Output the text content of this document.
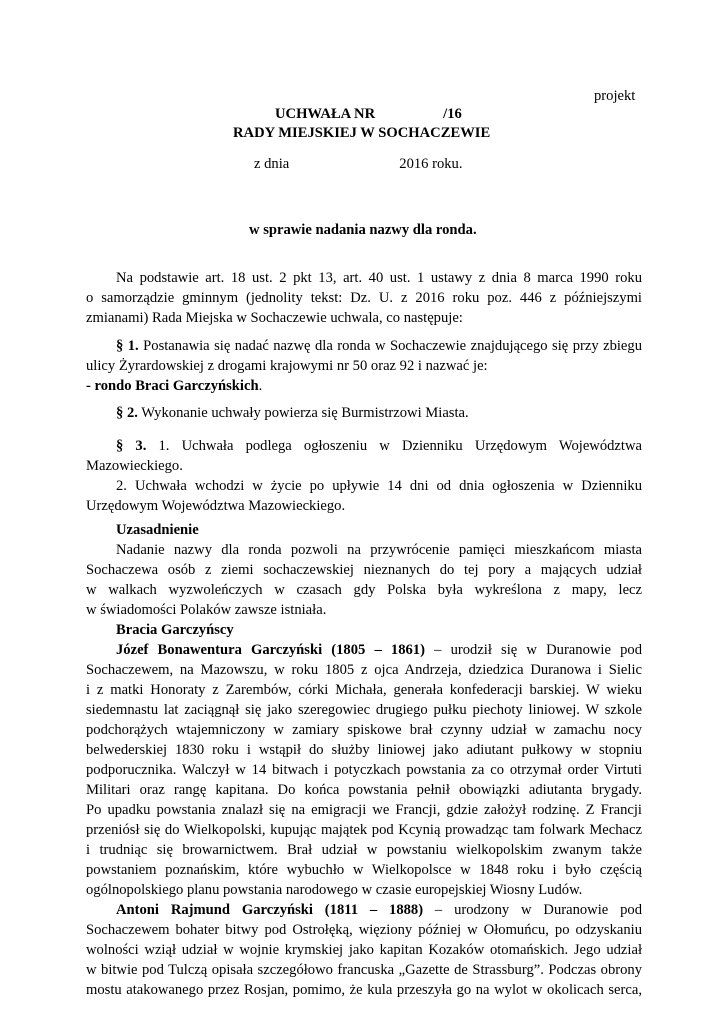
projekt
UCHWAŁA NR	/16
RADY MIEJSKIEJ W SOCHACZEWIE
z dnia	2016 roku.
w sprawie nadania nazwy dla ronda.
Na podstawie art. 18 ust. 2 pkt 13, art. 40 ust. 1 ustawy z dnia 8 marca 1990 roku
o samorządzie gminnym (jednolity tekst: Dz. U. z 2016 roku poz. 446 z późniejszymi
zmianami) Rada Miejska w Sochaczewie uchwala, co następuje:
§ 1. Postanawia się nadać nazwę dla ronda w Sochaczewie znajdującego się przy zbiegu
ulicy Żyrardowskiej z drogami krajowymi nr 50 oraz 92 i nazwać je:
- rondo Braci Garczyńskich.
§ 2. Wykonanie uchwały powierza się Burmistrzowi Miasta.
§ 3. 1. Uchwała podlega ogłoszeniu w Dzienniku Urzędowym Województwa
Mazowieckiego.
2. Uchwała wchodzi w życie po upływie 14 dni od dnia ogłoszenia w Dzienniku
Urzędowym Województwa Mazowieckiego.
Uzasadnienie
Nadanie nazwy dla ronda pozwoli na przywrócenie pamięci mieszkańcom miasta
Sochaczewa osób z ziemi sochaczewskiej nieznanych do tej pory a mających udział
w walkach wyzwoleńczych w czasach gdy Polska była wykreślona z mapy, lecz
w świadomości Polaków zawsze istniała.
Bracia Garczyńscy
Józef Bonawentura Garczyński (1805 – 1861) – urodził się w Duranowie pod
Sochaczewem, na Mazowszu, w roku 1805 z ojca Andrzeja, dziedzica Duranowa i Sielic
i z matki Honoraty z Zarembów, córki Michała, generała konfederacji barskiej. W wieku
siedemnastu lat zaciągnął się jako szeregowiec drugiego pułku piechoty liniowej. W szkole
podchorążych wtajemniczony w zamiary spiskowe brał czynny udział w zamachu nocy
belwederskiej 1830 roku i wstąpił do służby liniowej jako adiutant pułkowy w stopniu
podporucznika. Walczył w 14 bitwach i potyczkach powstania za co otrzymał order Virtuti
Militari oraz rangę kapitana. Do końca powstania pełnił obowiązki adiutanta brygady.
Po upadku powstania znalazł się na emigracji we Francji, gdzie założył rodzinę. Z Francji
przeniósł się do Wielkopolski, kupując majątek pod Kcynią prowadząc tam folwark Mechacz
i trudniąc się browarnictwem. Brał udział w powstaniu wielkopolskim zwanym także
powstaniem poznańskim, które wybuchło w Wielkopolsce w 1848 roku i było częścią
ogólnopolskiego planu powstania narodowego w czasie europejskiej Wiosny Ludów.
Antoni Rajmund Garczyński (1811 – 1888) – urodzony w Duranowie pod
Sochaczewem bohater bitwy pod Ostrołęką, więziony później w Ołomuńcu, po odzyskaniu
wolności wziął udział w wojnie krymskiej jako kapitan Kozaków otomańskich. Jego udział
w bitwie pod Tulczą opisała szczegółowo francuska „Gazette de Strassburg”. Podczas obrony
mostu atakowanego przez Rosjan, pomimo, że kula przeszyła go na wylot w okolicach serca,
